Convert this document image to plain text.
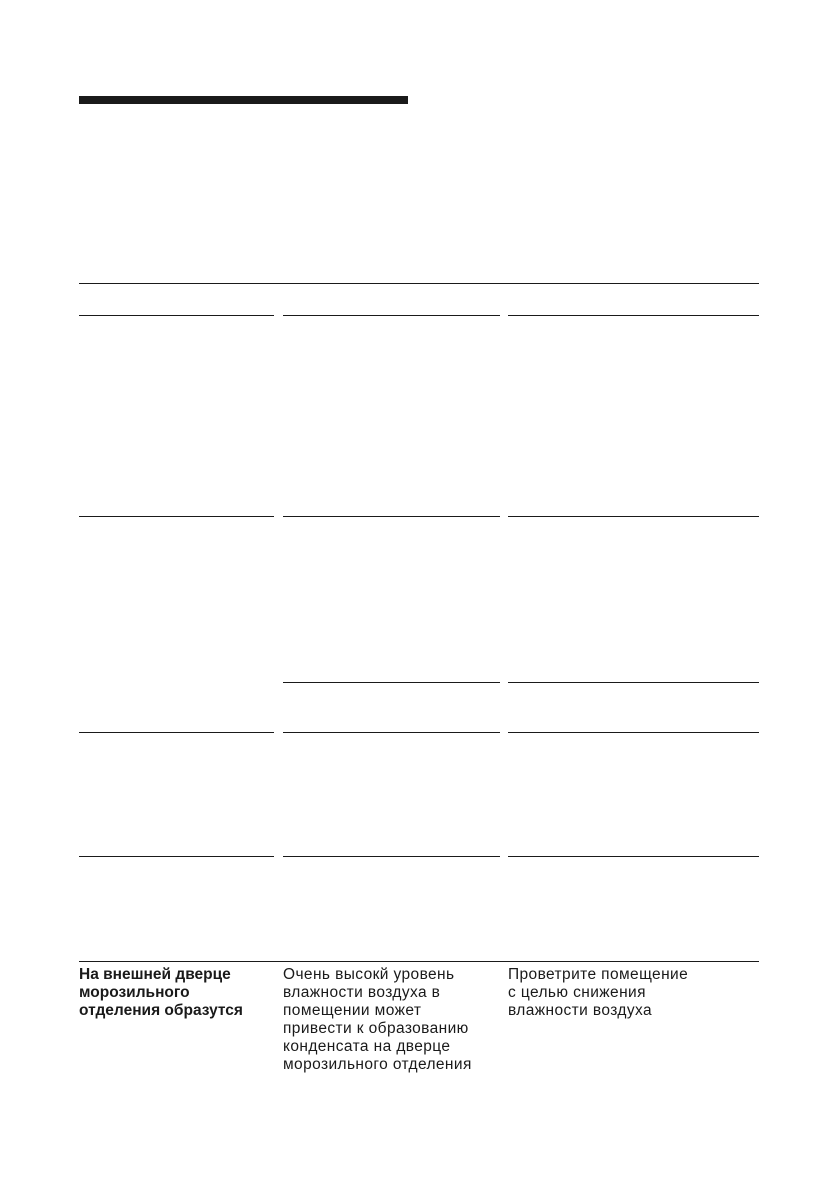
На внешней дверце
морозильного
отделения образутся
Очень высокй уровень
влажности воздуха в
помещении может
привести к образованию
конденсата на дверце
морозильного отделения
Проветрите помещение
с целью снижения
влажности воздуха
